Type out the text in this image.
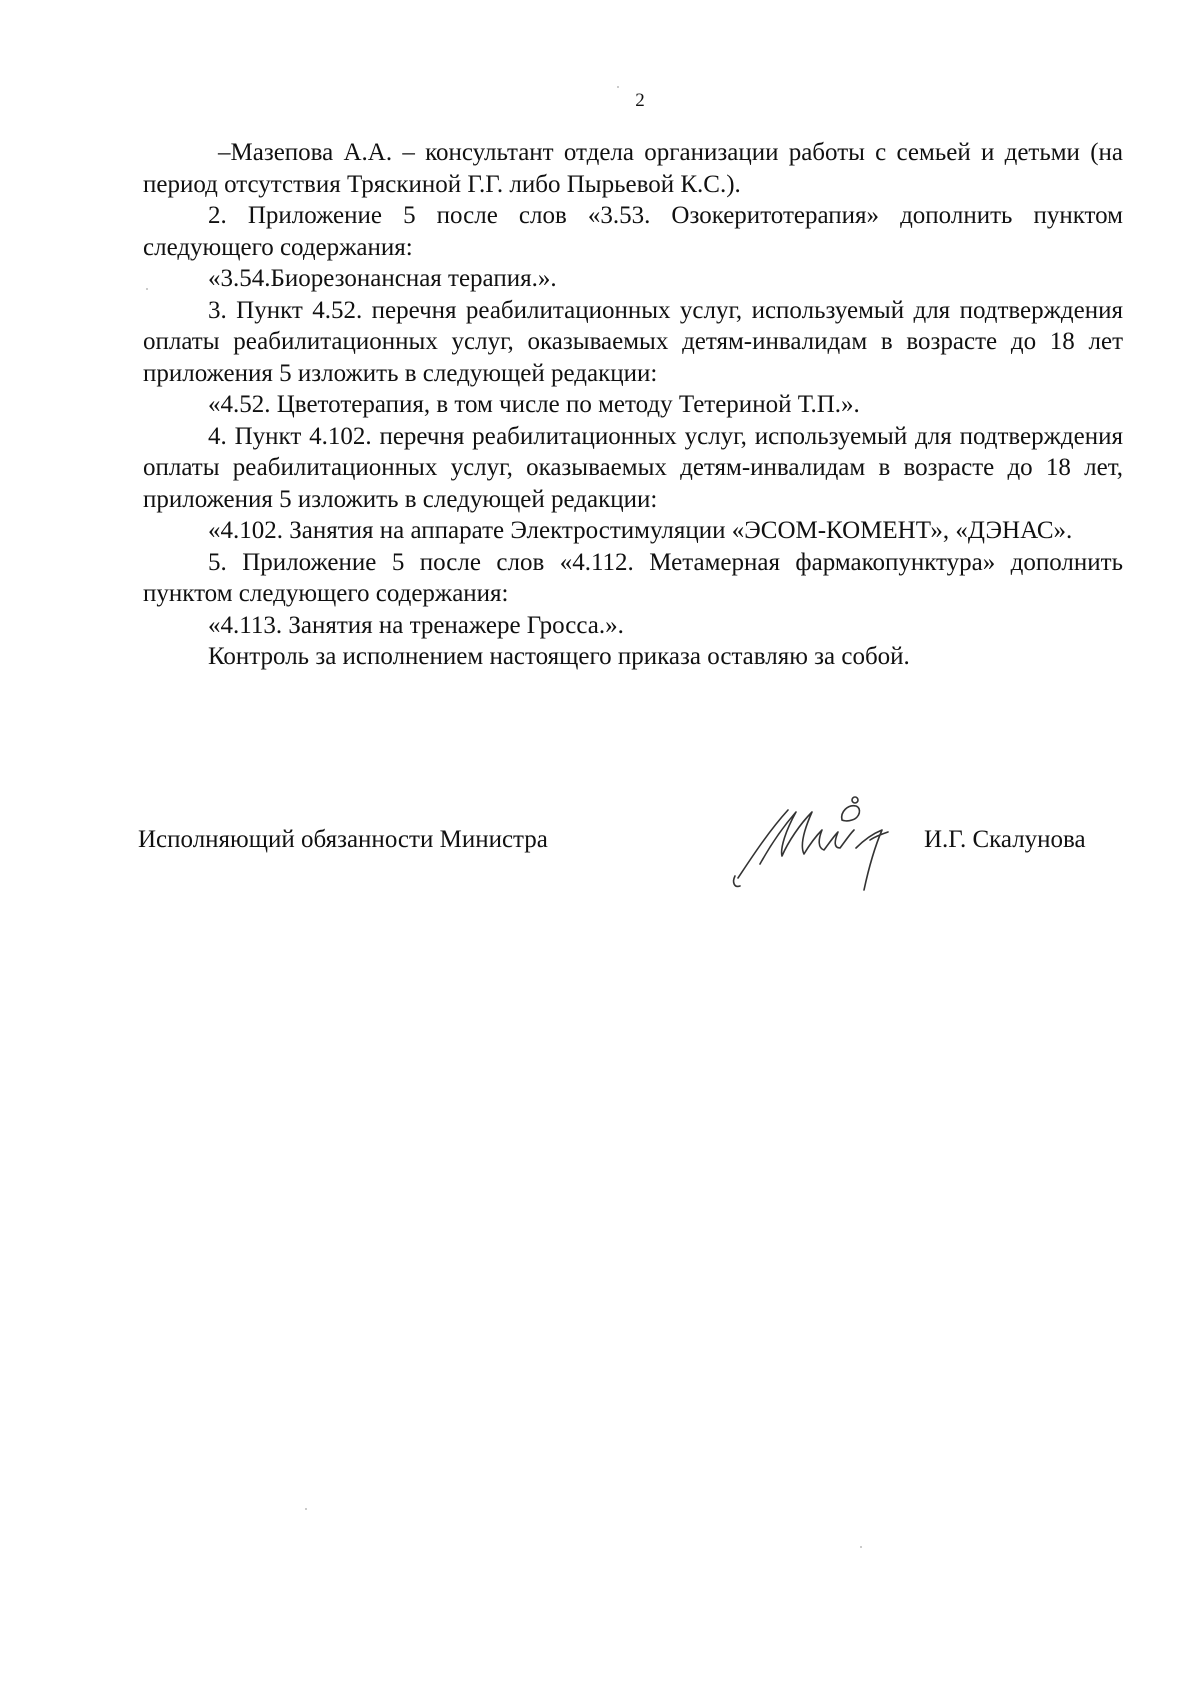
2

–Мазепова А.А. – консультант отдела организации работы с семьей и детьми (на период отсутствия Тряскиной Г.Г. либо Пырьевой К.С.).

2. Приложение 5 после слов «3.53. Озокеритотерапия» дополнить пунктом следующего содержания:

«3.54.Биорезонансная терапия.».

3. Пункт 4.52. перечня реабилитационных услуг, используемый для подтверждения оплаты реабилитационных услуг, оказываемых детям-инвалидам в возрасте до 18 лет приложения 5 изложить в следующей редакции:

«4.52. Цветотерапия, в том числе по методу Тетериной Т.П.».

4. Пункт 4.102. перечня реабилитационных услуг, используемый для подтверждения оплаты реабилитационных услуг, оказываемых детям-инвалидам в возрасте до 18 лет, приложения 5 изложить в следующей редакции:

«4.102. Занятия на аппарате Электростимуляции «ЭСОМ-КОМЕНТ», «ДЭНАС».

5. Приложение 5 после слов «4.112. Метамерная фармакопунктура» дополнить пунктом следующего содержания:

«4.113. Занятия на тренажере Гросса.».

Контроль за исполнением настоящего приказа оставляю за собой.

Исполняющий обязанности Министра	И.Г. Скалунова
